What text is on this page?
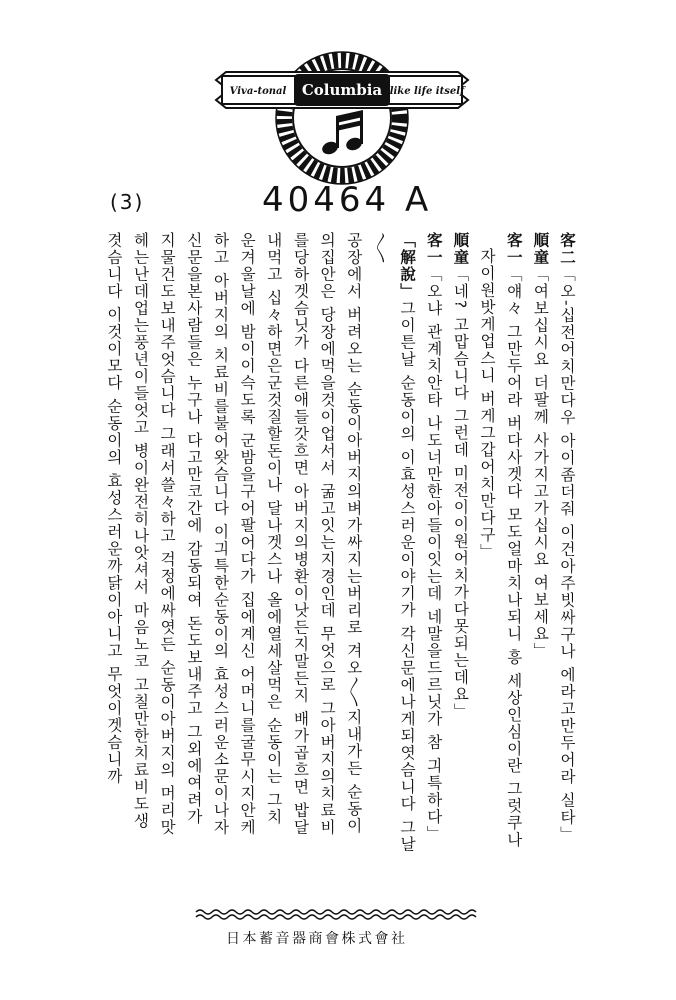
Columbia
Viva-tonal	like life itself
(3)	40464 A

客二「오-십전어치만다우 아이좀더줘 이건아주빗싸구나 에라고만두어라 실타」

順童「여보십시요 더팔께 사가지고가십시요 여보세요」

客一「얘々 그만두어라 버다사겟다 모도얼마치나되니 흥 세상인심이란 그럿쿠나

자이원밧게업스니 버게그갑어치만다구」

順童「네? 고맙슴니다 그런데 미전이이원어치가다못되는데요」

客一「오냐 관계치안타 나도너만한아들이잇는데 네말을드르닛가 참 긔특하다」

「解說」그이튼날 순동이의 이효성스러운이야기가 각신문에나게되엿슴니다 그날〳〵

공장에서 버려오는 순동이아버지의벼가싸지는버리로 겨오〳〵지내가든 순동이

의집안은 당장에먹을것이업서서 굶고잇는지경인데 무엇으로 그아버지의치료비

를당하겟슴닛가 다른애들갓흐면 아버지의병환이낫든지말든지 배가곱흐면 밥달

내먹고 십々하면은군것질할돈이나 달나겟스나 올에열세살먹은 순동이는 그치

운겨울날에 밤이이슥도록 군밤을구어팔어다가 집에계신 어머니를굴무시지안케

하고 아버지의 치료비를불어왓슴니다 이긔특한순동이의 효성스러운소문이나자

신문을본사람들은 누구나 다고만코간에 감동되여 돈도보내주고 그외에여려가

지물건도보내주엇슴니다 그래서쓸々하고 걱정에싸엿든 순동이아버지의 머리맛

헤는난데업는풍년이들엇고 병이완전히나앗셔서 마음노코 고칠만한치료비도생

겻슴니다 이것이모다 순동이의 효성스러운까닭이아니고 무엇이겟슴니까

日本蓄音器商會株式會社
